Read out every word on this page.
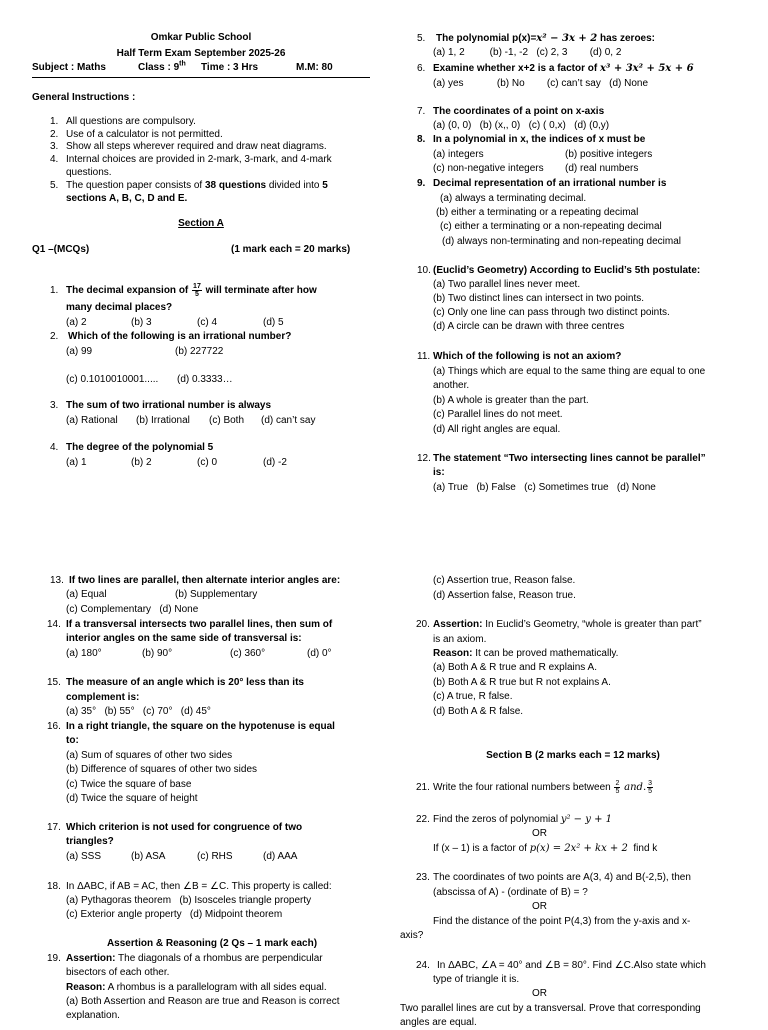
Omkar Public School
Half Term Exam September 2025-26
Subject : Maths	Class : 9th Time : 3 Hrs	M.M: 80
General Instructions :
1. All questions are compulsory.
2. Use of a calculator is not permitted.
3. Show all steps wherever required and draw neat diagrams.
4. Internal choices are provided in 2-mark, 3-mark, and 4-mark
questions.
5. The question paper consists of 38 questions divided into 5
sections A, B, C, D and E.
Section A
Q1 –(MCQs)	(1 mark each = 20 marks)
1. The decimal expansion of $\frac{17}{5}$ will terminate after how
many decimal places?
(a) 2	(b) 3	(c) 4	(d) 5
2. Which of the following is an irrational number?
(a) 99	(b) 227722
(c) 0.1010010001..... (d) 0.3333…
3. The sum of two irrational number is always
(a) Rational (b) Irrational (c) Both (d) can’t say
4. The degree of the polynomial 5
(a) 1	(b) 2	(c) 0	(d) -2
5. The polynomial p(x)=x² − 3x + 2 has zeroes:
(a) 1, 2         (b) -1, -2   (c) 2, 3        (d) 0, 2
6. Examine whether x+2 is a factor of x³ + 3x² + 5x + 6
(a) yes            (b) No        (c) can’t say   (d) None
7. The coordinates of a point on x-axis
(a) (0, 0)   (b) (x,, 0)   (c) ( 0,x)   (d) (0,y)
8. In a polynomial in x, the indices of x must be
(a) integers	(b) positive integers
(c) non-negative integers (d) real numbers
9. Decimal representation of an irrational number is
(a) always a terminating decimal.
(b) either a terminating or a repeating decimal
(c) either a terminating or a non-repeating decimal
(d) always non-terminating and non-repeating decimal
10. (Euclid’s Geometry) According to Euclid’s 5th postulate:
(a) Two parallel lines never meet.
(b) Two distinct lines can intersect in two points.
(c) Only one line can pass through two distinct points.
(d) A circle can be drawn with three centres
11. Which of the following is not an axiom?
(a) Things which are equal to the same thing are equal to one
another.
(b) A whole is greater than the part.
(c) Parallel lines do not meet.
(d) All right angles are equal.
12. The statement “Two intersecting lines cannot be parallel”
is:
(a) True   (b) False   (c) Sometimes true   (d) None
13. If two lines are parallel, then alternate interior angles are:
(a) Equal	(b) Supplementary
(c) Complementary   (d) None
14. If a transversal intersects two parallel lines, then sum of
interior angles on the same side of transversal is:
(a) 180°	(b) 90°	(c) 360°	(d) 0°
15. The measure of an angle which is 20° less than its
complement is:
(a) 35°   (b) 55°   (c) 70°   (d) 45°
16. In a right triangle, the square on the hypotenuse is equal
to:
(a) Sum of squares of other two sides
(b) Difference of squares of other two sides
(c) Twice the square of base
(d) Twice the square of height
17. Which criterion is not used for congruence of two
triangles?
(a) SSS	(b) ASA	(c) RHS	(d) AAA
18. In ΔABC, if AB = AC, then ∠B = ∠C. This property is called:
(a) Pythagoras theorem   (b) Isosceles triangle property
(c) Exterior angle property   (d) Midpoint theorem
Assertion & Reasoning (2 Qs – 1 mark each)
19. Assertion: The diagonals of a rhombus are perpendicular
bisectors of each other.
Reason: A rhombus is a parallelogram with all sides equal.
(a) Both Assertion and Reason are true and Reason is correct
explanation.
(c) Assertion true, Reason false.
(d) Assertion false, Reason true.
20. Assertion: In Euclid’s Geometry, “whole is greater than part”
is an axiom.
Reason: It can be proved mathematically.
(a) Both A & R true and R explains A.
(b) Both A & R true but R not explains A.
(c) A true, R false.
(d) Both A & R false.
Section B (2 marks each = 12 marks)
21. Write the four rational numbers between $\frac{2}{5}$ and. $\frac{3}{5}$
22. Find the zeros of polynomial y² − y + 1
OR
If (x – 1) is a factor of p(x) = 2x² + kx + 2  find k
23. The coordinates of two points are A(3, 4) and B(-2,5), then
(abscissa of A) - (ordinate of B) = ?
OR
Find the distance of the point P(4,3) from the y-axis and x-
axis?
24. In ΔABC, ∠A = 40° and ∠B = 80°. Find ∠C.Also state which
type of triangle it is.
OR
Two parallel lines are cut by a transversal. Prove that corresponding
angles are equal.
